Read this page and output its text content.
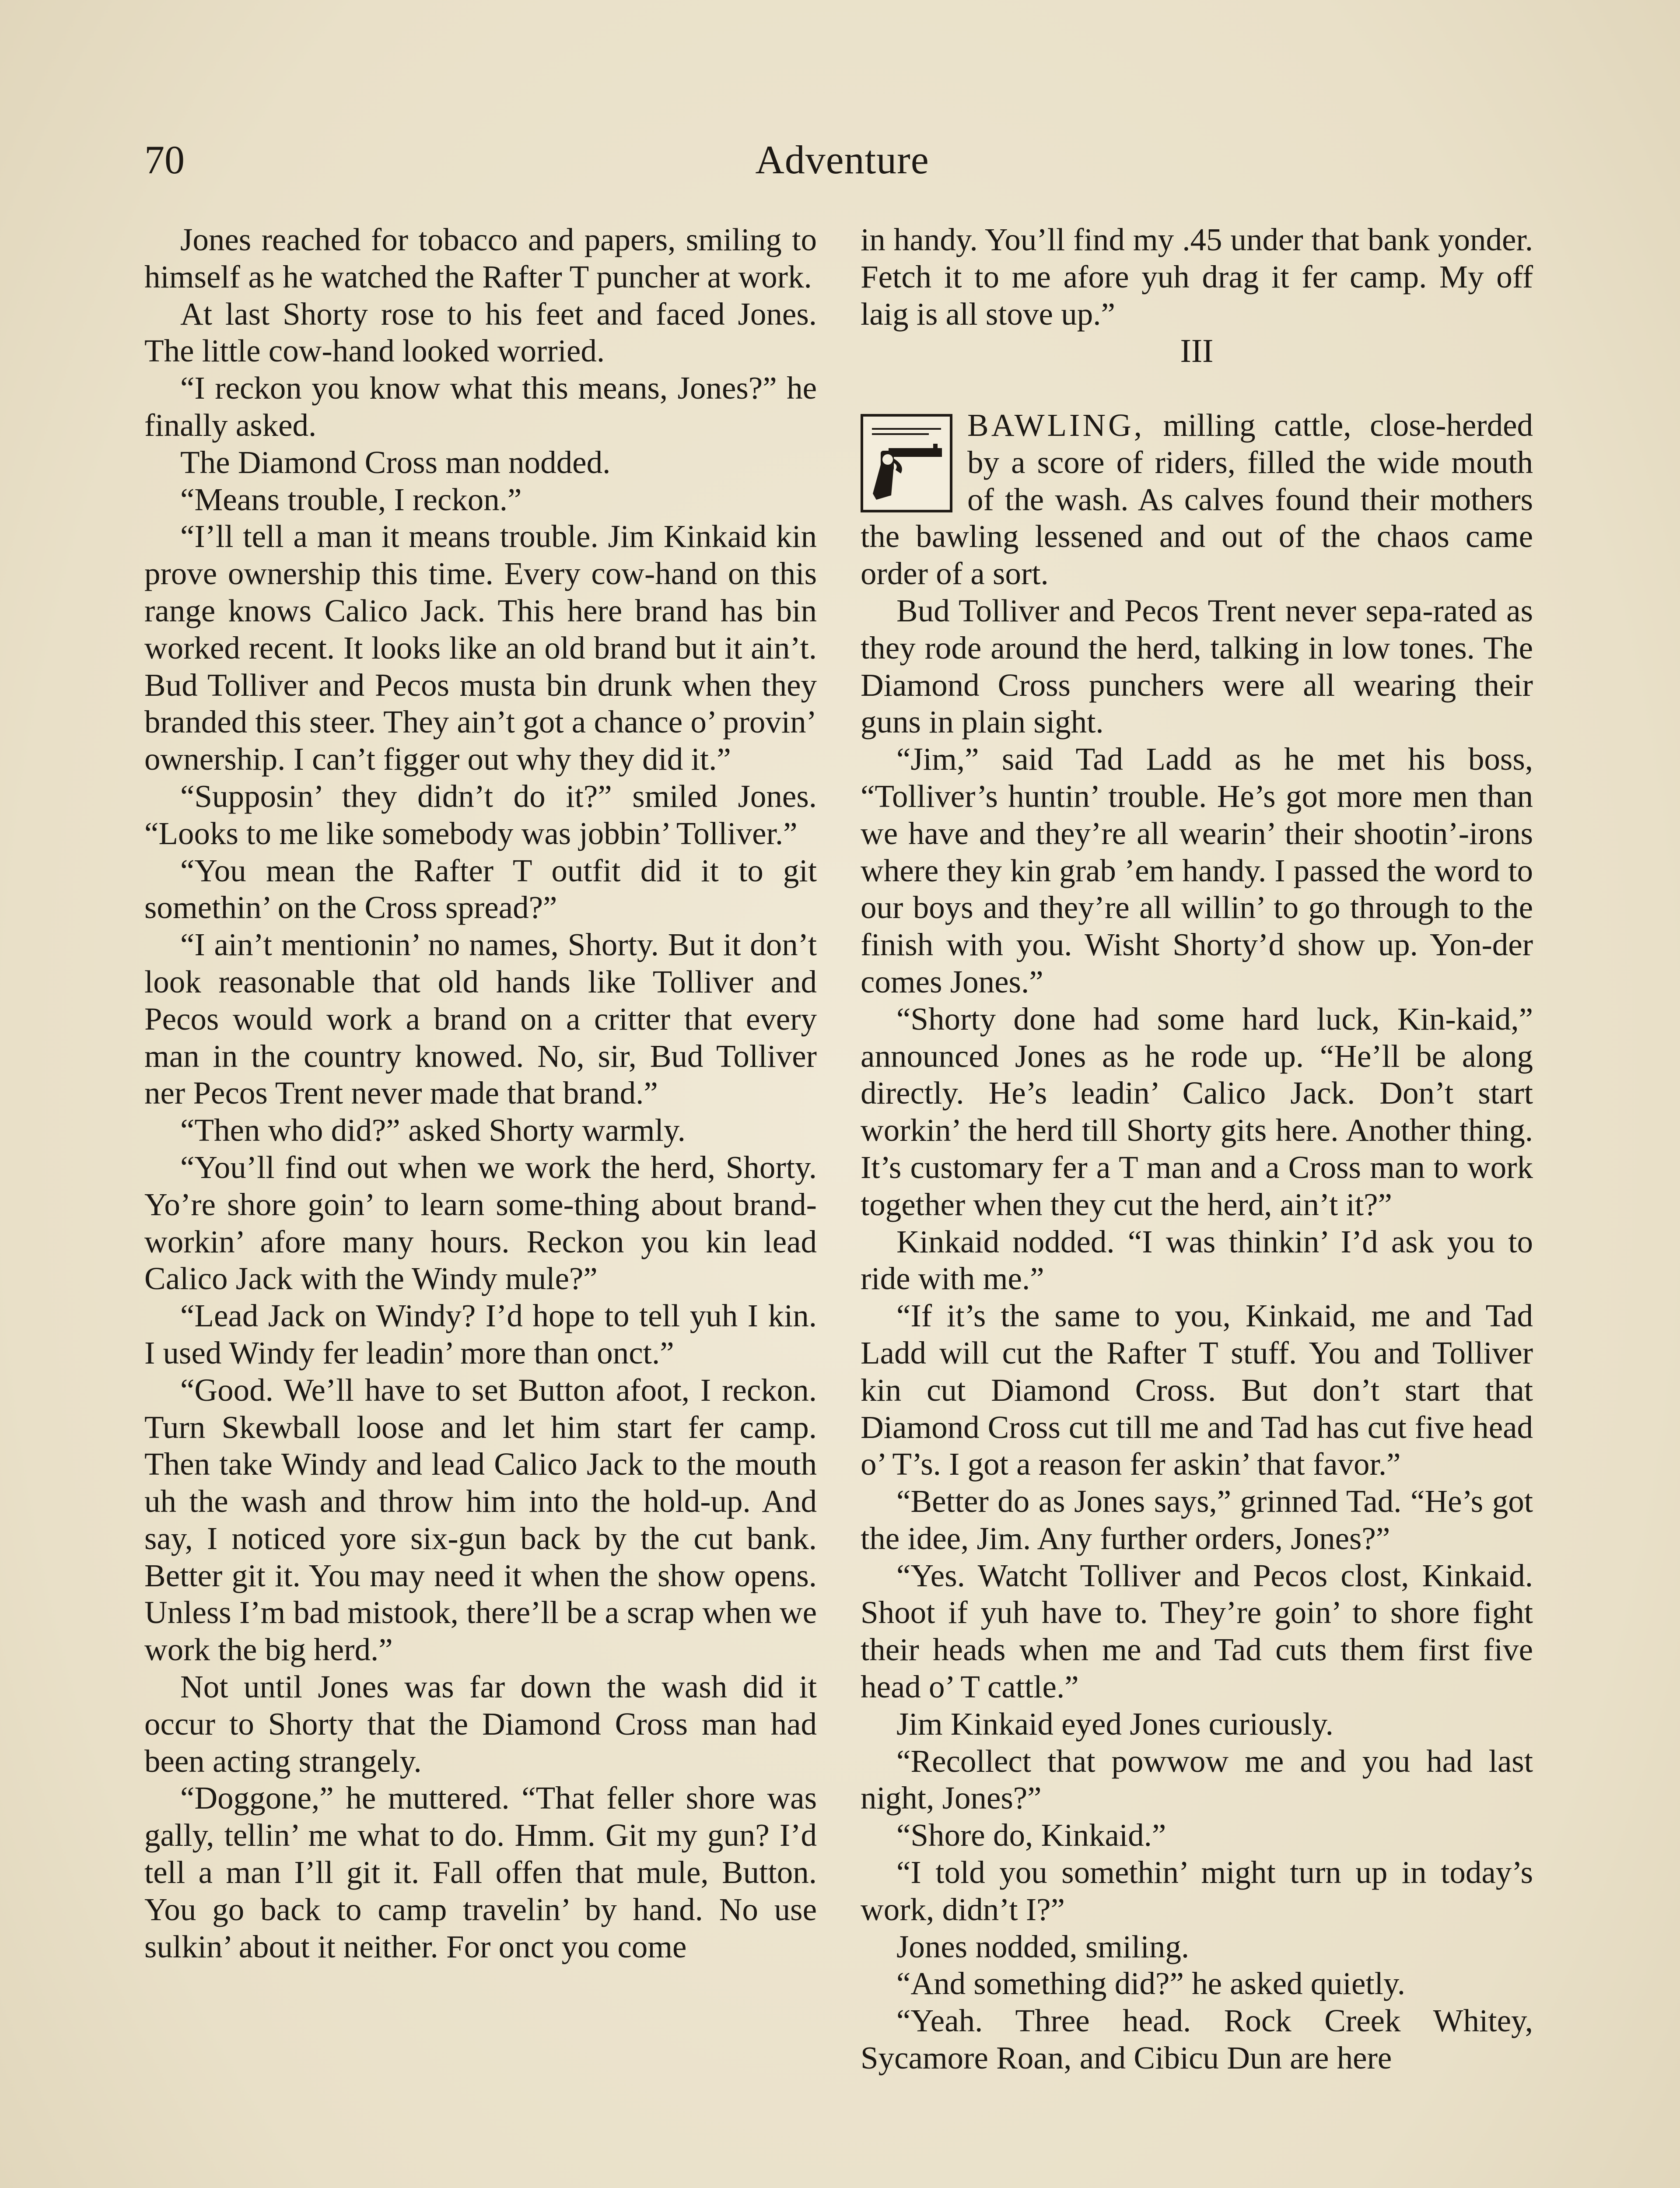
70	Adventure

Jones reached for tobacco and papers, smiling to himself as he watched the Rafter T puncher at work.

At last Shorty rose to his feet and faced Jones. The little cow-hand looked worried.

“I reckon you know what this means, Jones?” he finally asked.

The Diamond Cross man nodded.

“Means trouble, I reckon.”

“I’ll tell a man it means trouble. Jim Kinkaid kin prove ownership this time. Every cow-hand on this range knows Calico Jack. This here brand has bin worked recent. It looks like an old brand but it ain’t. Bud Tolliver and Pecos musta bin drunk when they branded this steer. They ain’t got a chance o’ provin’ ownership. I can’t figger out why they did it.”

“Supposin’ they didn’t do it?” smiled Jones. “Looks to me like somebody was jobbin’ Tolliver.”

“You mean the Rafter T outfit did it to git somethin’ on the Cross spread?”

“I ain’t mentionin’ no names, Shorty. But it don’t look reasonable that old hands like Tolliver and Pecos would work a brand on a critter that every man in the country knowed. No, sir, Bud Tolliver ner Pecos Trent never made that brand.”

“Then who did?” asked Shorty warmly.

“You’ll find out when we work the herd, Shorty. Yo’re shore goin’ to learn some-thing about brand-workin’ afore many hours. Reckon you kin lead Calico Jack with the Windy mule?”

“Lead Jack on Windy? I’d hope to tell yuh I kin. I used Windy fer leadin’ more than onct.”

“Good. We’ll have to set Button afoot, I reckon. Turn Skewball loose and let him start fer camp. Then take Windy and lead Calico Jack to the mouth uh the wash and throw him into the hold-up. And say, I noticed yore six-gun back by the cut bank. Better git it. You may need it when the show opens. Unless I’m bad mistook, there’ll be a scrap when we work the big herd.”

Not until Jones was far down the wash did it occur to Shorty that the Diamond Cross man had been acting strangely.

“Doggone,” he muttered. “That feller shore was gally, tellin’ me what to do. Hmm. Git my gun? I’d tell a man I’ll git it. Fall offen that mule, Button. You go back to camp travelin’ by hand. No use sulkin’ about it neither. For onct you come

in handy. You’ll find my .45 under that bank yonder. Fetch it to me afore yuh drag it fer camp. My off laig is all stove up.”

III

BAWLING, milling cattle, close-herded by a score of riders, filled the wide mouth of the wash. As calves found their mothers the bawling lessened and out of the chaos came order of a sort.

Bud Tolliver and Pecos Trent never sepa-rated as they rode around the herd, talking in low tones. The Diamond Cross punchers were all wearing their guns in plain sight.

“Jim,” said Tad Ladd as he met his boss, “Tolliver’s huntin’ trouble. He’s got more men than we have and they’re all wearin’ their shootin’-irons where they kin grab ’em handy. I passed the word to our boys and they’re all willin’ to go through to the finish with you. Wisht Shorty’d show up. Yon-der comes Jones.”

“Shorty done had some hard luck, Kin-kaid,” announced Jones as he rode up. “He’ll be along directly. He’s leadin’ Calico Jack. Don’t start workin’ the herd till Shorty gits here. Another thing. It’s customary fer a T man and a Cross man to work together when they cut the herd, ain’t it?”

Kinkaid nodded. “I was thinkin’ I’d ask you to ride with me.”

“If it’s the same to you, Kinkaid, me and Tad Ladd will cut the Rafter T stuff. You and Tolliver kin cut Diamond Cross. But don’t start that Diamond Cross cut till me and Tad has cut five head o’ T’s. I got a reason fer askin’ that favor.”

“Better do as Jones says,” grinned Tad. “He’s got the idee, Jim. Any further orders, Jones?”

“Yes. Watcht Tolliver and Pecos clost, Kinkaid. Shoot if yuh have to. They’re goin’ to shore fight their heads when me and Tad cuts them first five head o’ T cattle.”

Jim Kinkaid eyed Jones curiously.

“Recollect that powwow me and you had last night, Jones?”

“Shore do, Kinkaid.”

“I told you somethin’ might turn up in today’s work, didn’t I?”

Jones nodded, smiling.

“And something did?” he asked quietly.

“Yeah. Three head. Rock Creek Whitey, Sycamore Roan, and Cibicu Dun are here
